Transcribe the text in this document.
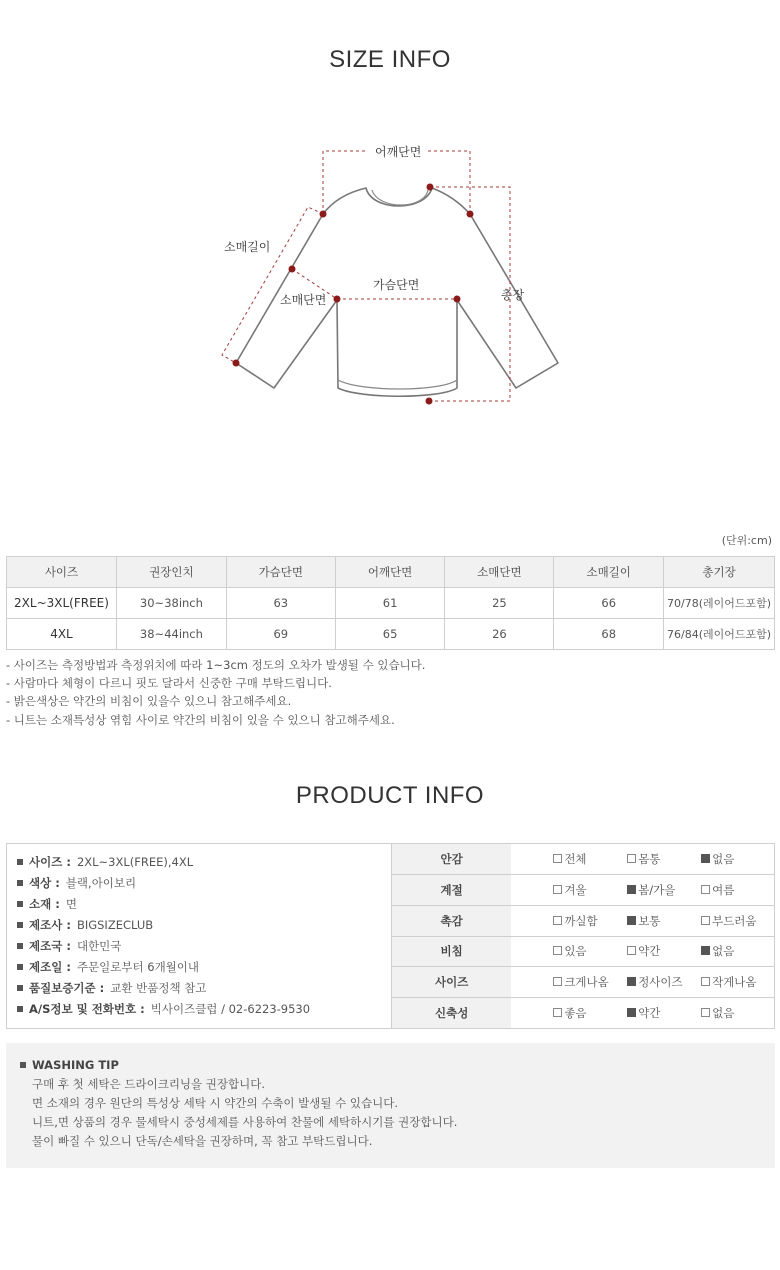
SIZE INFO
어깨단면
소매길이
소매단면
가슴단면
총장
(단위:cm)
사이즈	권장인치	가슴단면	어깨단면	소매단면	소매길이	총기장
2XL~3XL(FREE)	30~38inch	63	61	25	66	70/78(레이어드포함)
4XL	38~44inch	69	65	26	68	76/84(레이어드포함)
- 사이즈는 측정방법과 측정위치에 따라 1~3cm 정도의 오차가 발생될 수 있습니다.
- 사람마다 체형이 다르니 핏도 달라서 신중한 구매 부탁드립니다.
- 밝은색상은 약간의 비침이 있을수 있으니 참고해주세요.
- 니트는 소재특성상 엮힘 사이로 약간의 비침이 있을 수 있으니 참고해주세요.
PRODUCT INFO
사이즈 : 2XL~3XL(FREE),4XL
색상 : 블랙,아이보리
소재 : 면
제조사 : BIGSIZECLUB
제조국 : 대한민국
제조일 : 주문일로부터 6개월이내
품질보증기준 : 교환 반품정책 참고
A/S정보 및 전화번호 : 빅사이즈클럽 / 02-6223-9530
안감	전체	몸통	없음
계절	겨울	봄/가을	여름
촉감	까실함	보통	부드러움
비침	있음	약간	없음
사이즈	크게나옴	정사이즈	작게나옴
신축성	좋음	약간	없음
WASHING TIP
구매 후 첫 세탁은 드라이크리닝을 권장합니다.
면 소재의 경우 원단의 특성상 세탁 시 약간의 수축이 발생될 수 있습니다.
니트,면 상품의 경우 물세탁시 중성세제를 사용하여 찬물에 세탁하시기를 권장합니다.
물이 빠질 수 있으니 단독/손세탁을 권장하며, 꼭 참고 부탁드립니다.
